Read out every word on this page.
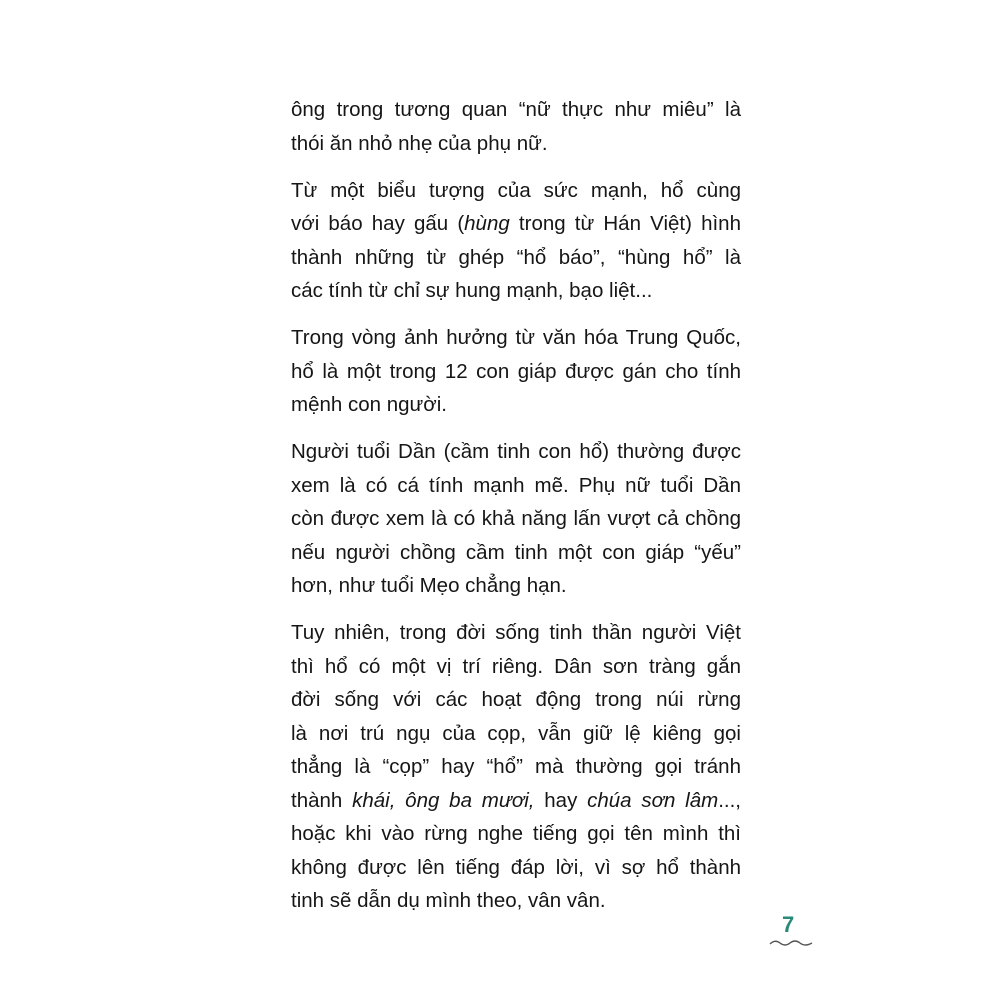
ông trong tương quan “nữ thực như miêu” là
thói ăn nhỏ nhẹ của phụ nữ.
Từ một biểu tượng của sức mạnh, hổ cùng
với báo hay gấu (hùng trong từ Hán Việt) hình
thành những từ ghép “hổ báo”, “hùng hổ” là
các tính từ chỉ sự hung mạnh, bạo liệt...
Trong vòng ảnh hưởng từ văn hóa Trung Quốc,
hổ là một trong 12 con giáp được gán cho tính
mệnh con người.
Người tuổi Dần (cầm tinh con hổ) thường được
xem là có cá tính mạnh mẽ. Phụ nữ tuổi Dần
còn được xem là có khả năng lấn vượt cả chồng
nếu người chồng cầm tinh một con giáp “yếu”
hơn, như tuổi Mẹo chẳng hạn.
Tuy nhiên, trong đời sống tinh thần người Việt
thì hổ có một vị trí riêng. Dân sơn tràng gắn
đời sống với các hoạt động trong núi rừng
là nơi trú ngụ của cọp, vẫn giữ lệ kiêng gọi
thẳng là “cọp” hay “hổ” mà thường gọi tránh
thành khái, ông ba mươi, hay chúa sơn lâm...,
hoặc khi vào rừng nghe tiếng gọi tên mình thì
không được lên tiếng đáp lời, vì sợ hổ thành
tinh sẽ dẫn dụ mình theo, vân vân.
7
